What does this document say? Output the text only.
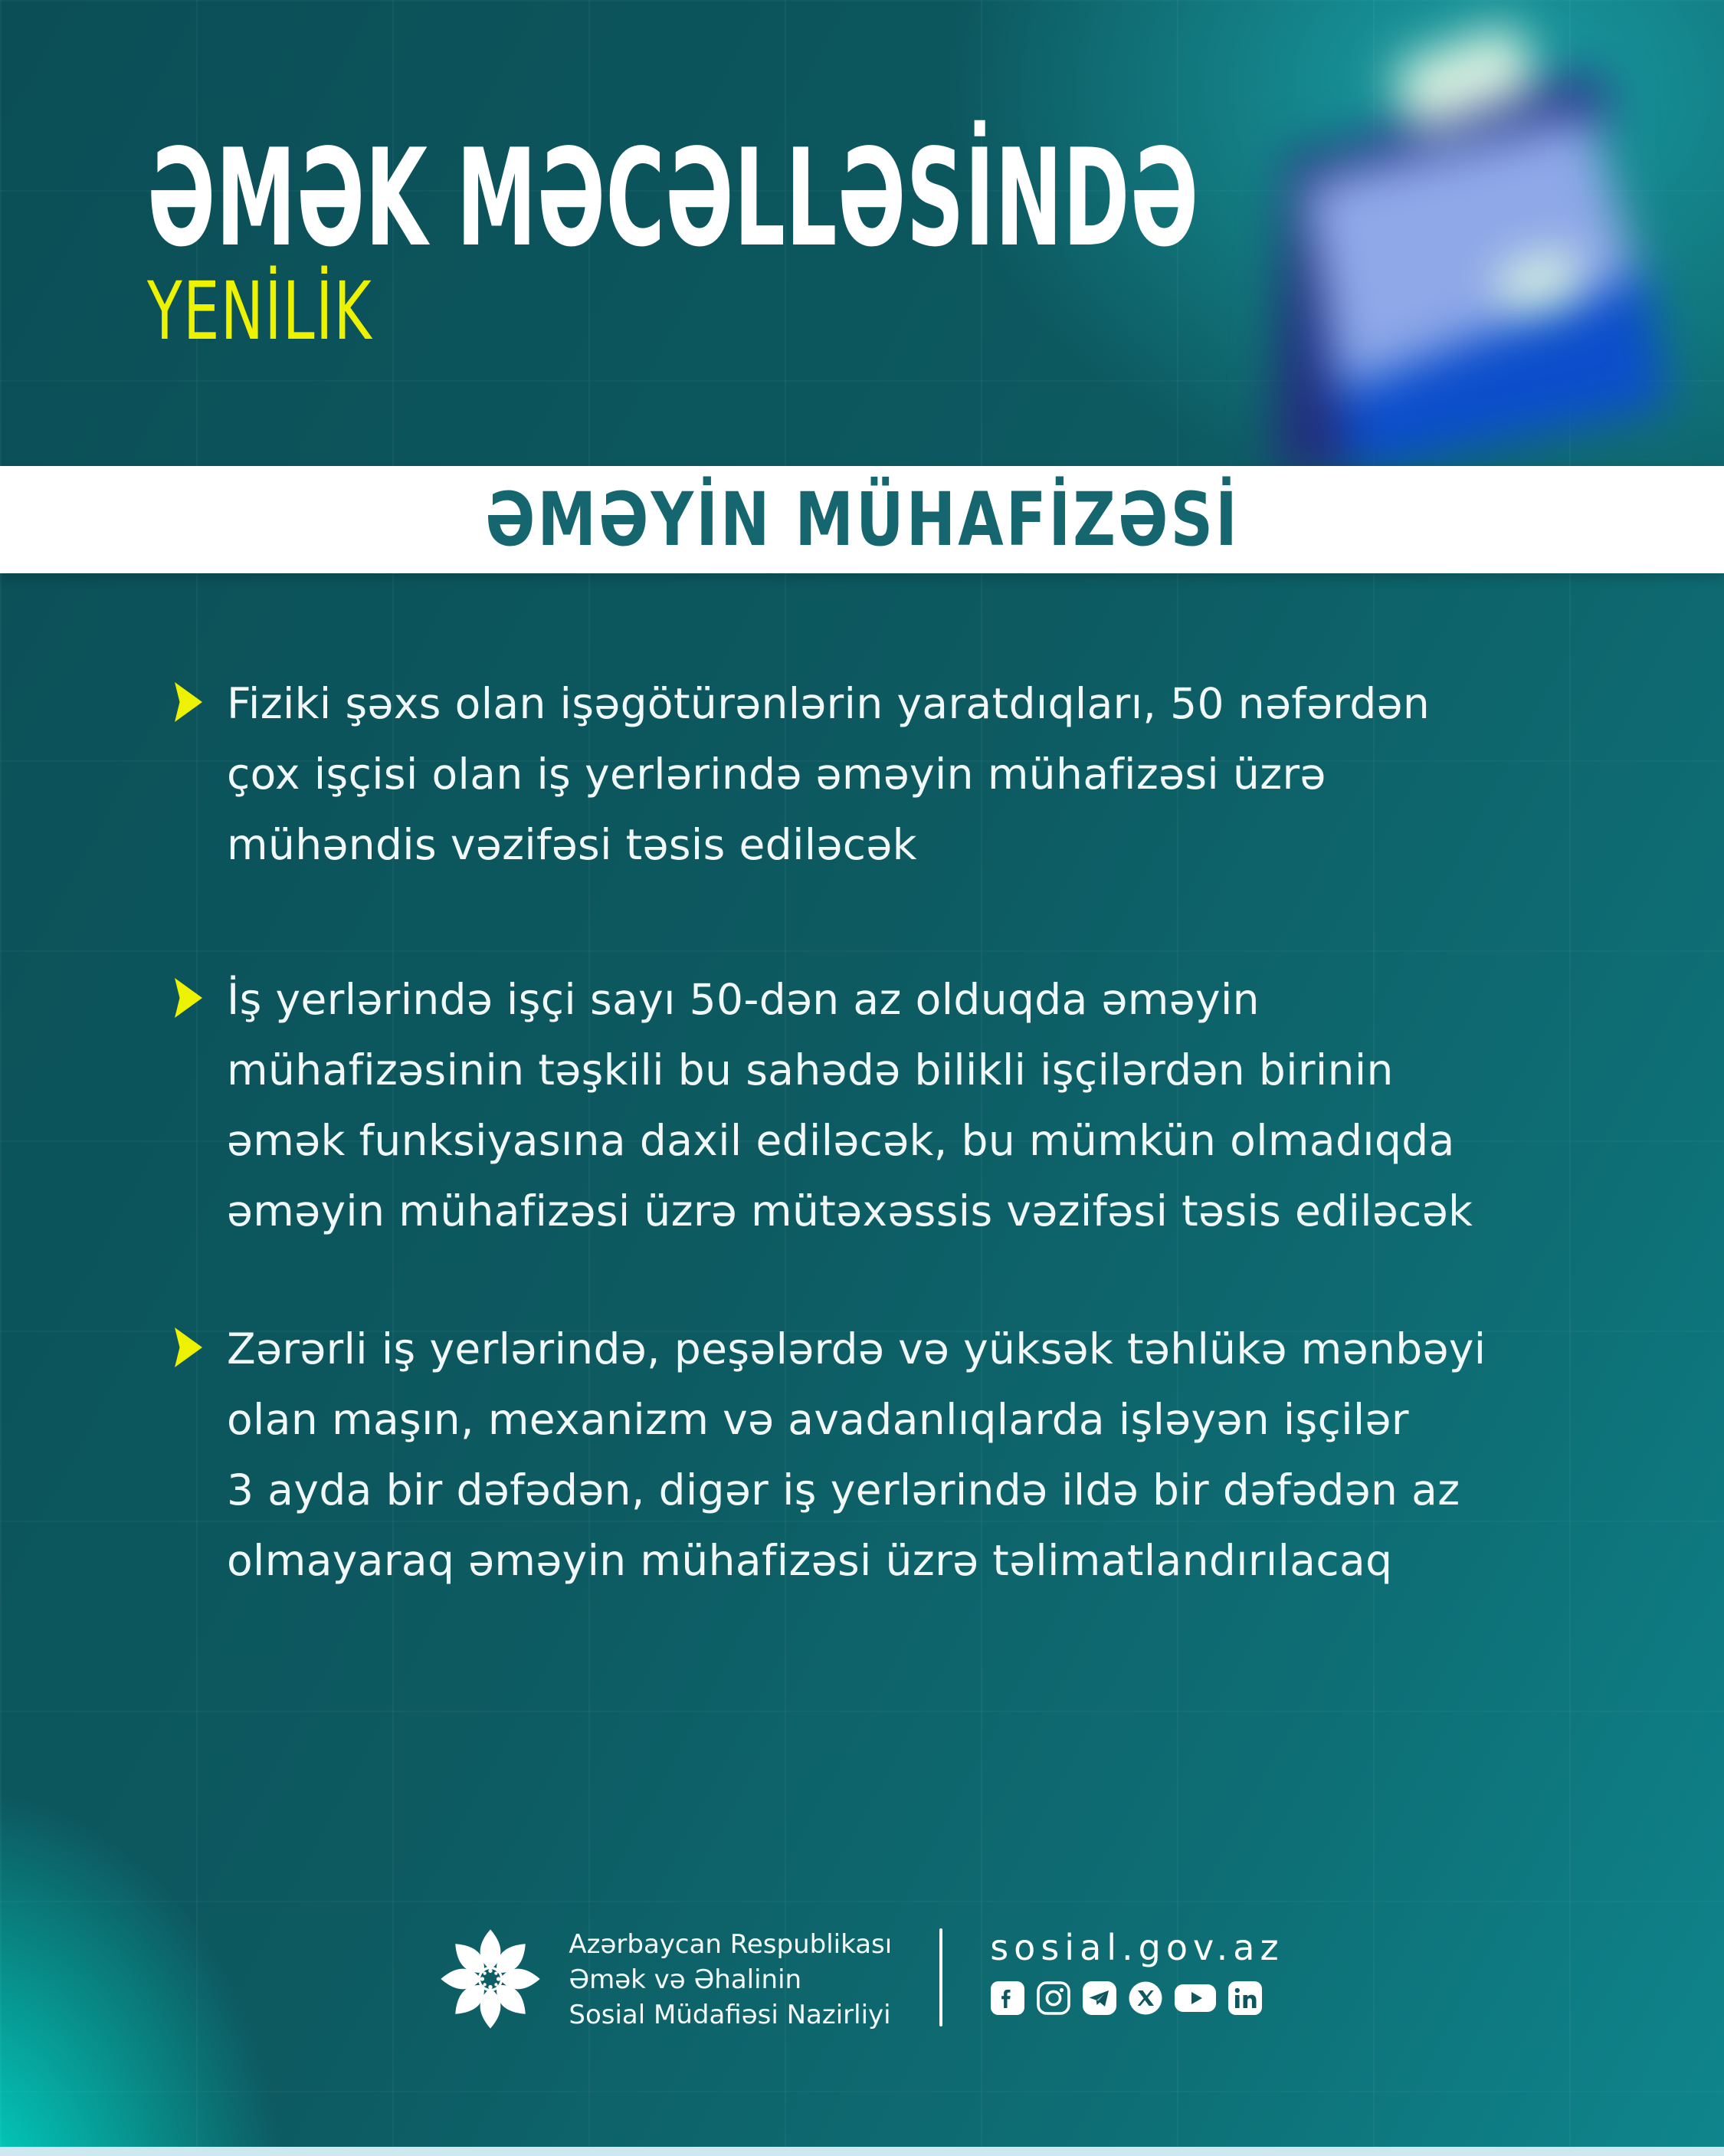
ƏMƏK MƏCƏLLƏSİNDƏ
YENİLİK
ƏMƏYİN MÜHAFİZƏSİ
Fiziki şəxs olan işəgötürənlərin yaratdıqları, 50 nəfərdən
çox işçisi olan iş yerlərində əməyin mühafizəsi üzrə
mühəndis vəzifəsi təsis ediləcək
İş yerlərində işçi sayı 50-dən az olduqda əməyin
mühafizəsinin təşkili bu sahədə bilikli işçilərdən birinin
əmək funksiyasına daxil ediləcək, bu mümkün olmadıqda
əməyin mühafizəsi üzrə mütəxəssis vəzifəsi təsis ediləcək
Zərərli iş yerlərində, peşələrdə və yüksək təhlükə mənbəyi
olan maşın, mexanizm və avadanlıqlarda işləyən işçilər
3 ayda bir dəfədən, digər iş yerlərində ildə bir dəfədən az
olmayaraq əməyin mühafizəsi üzrə təlimatlandırılacaq
Azərbaycan Respublikası
Əmək və Əhalinin
Sosial Müdafiəsi Nazirliyi
sosial.gov.az
